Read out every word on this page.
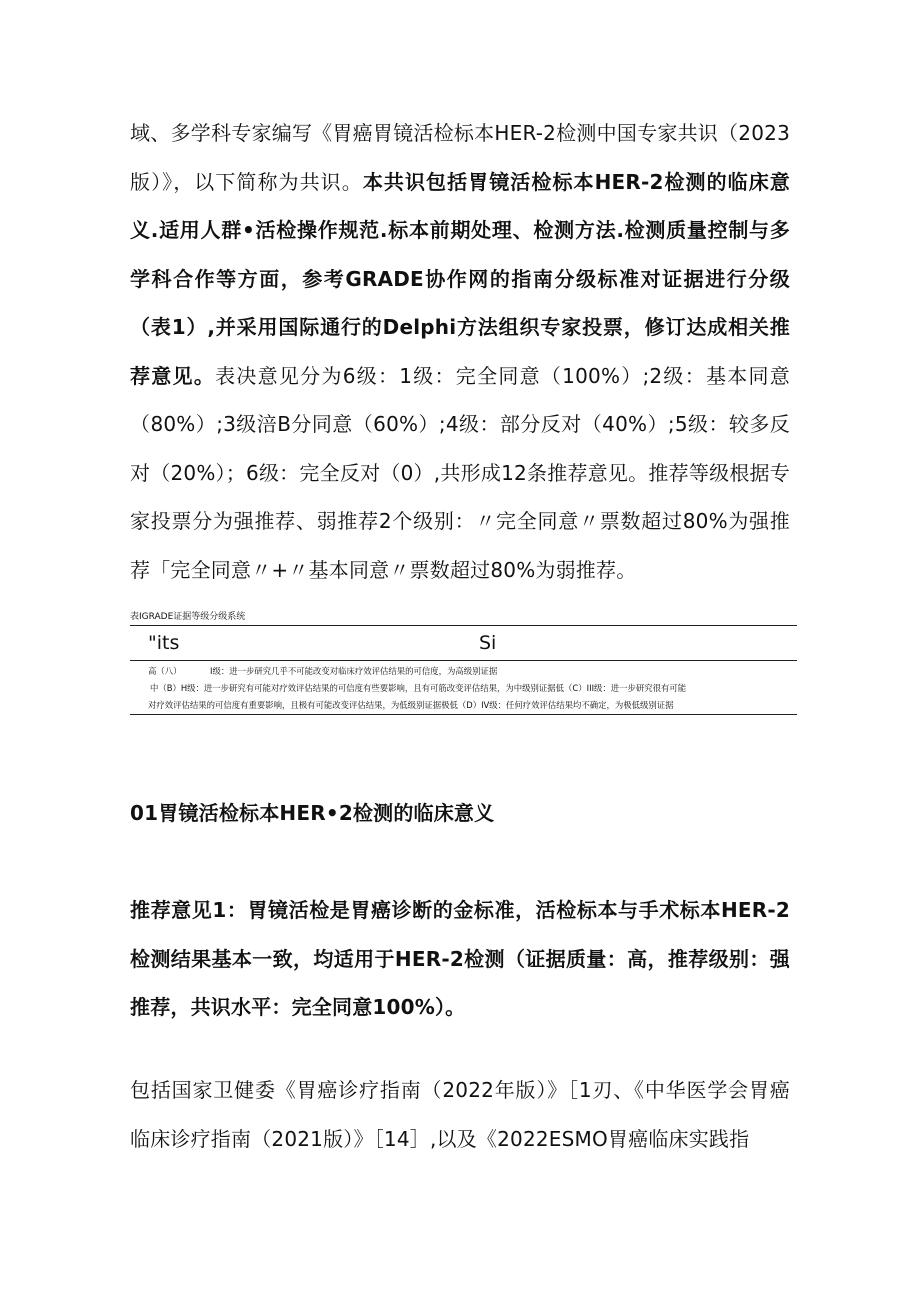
域、多学科专家编写《胃癌胃镜活检标本HER-2检测中国专家共识（2023版）》，以下简称为共识。本共识包括胃镜活检标本HER-2检测的临床意义.适用人群•活检操作规范.标本前期处理、检测方法.检测质量控制与多学科合作等方面，参考GRADE协作网的指南分级标准对证据进行分级（表1）,并采用国际通行的Delphi方法组织专家投票，修订达成相关推荐意见。表决意见分为6级：1级：完全同意（100%）;2级：基本同意（80%）;3级涪B分同意（60%）;4级：部分反对（40%）;5级：较多反对（20%）；6级：完全反对（0）,共形成12条推荐意见。推荐等级根据专家投票分为强推荐、弱推荐2个级别：〃完全同意〃票数超过80%为强推荐「完全同意〃+〃基本同意〃票数超过80%为弱推荐。
表IGRADE证据等级分级系统
"its	Si
高（八）	I级：进一步研究几乎不可能改变对临床疗效评估结果的可信度，为高级别证据
中（B）H级：进一步研究有可能对疗效评估结果的可信度有些要影响，且有可筋改变评估结果，为中级别证据低（C）III级：进一步研究很有可能
对疗效评估结果的可信度有重要影响，且极有可能改变评估结果，为低级别证据极低（D）IV级：任何疗效评估结果均不确定，为极低级别证据
01胃镜活检标本HER•2检测的临床意义
推荐意见1：胃镜活检是胃癌诊断的金标准，活检标本与手术标本HER-2检测结果基本一致，均适用于HER-2检测（证据质量：高，推荐级别：强推荐，共识水平：完全同意100%）。
包括国家卫健委《胃癌诊疗指南（2022年版）》［1刃、《中华医学会胃癌临床诊疗指南（2021版）》［14］,以及《2022ESMO胃癌临床实践指
